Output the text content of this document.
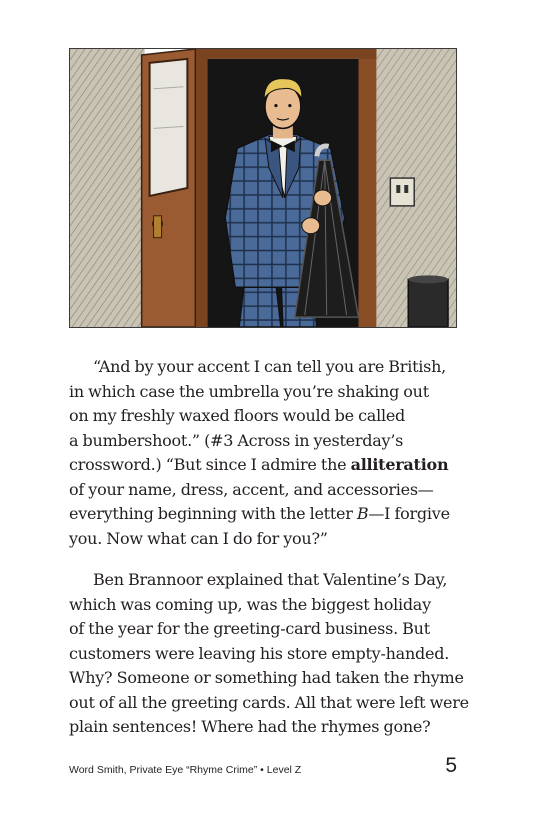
“And by your accent I can tell you are British,
in which case the umbrella you’re shaking out
on my freshly waxed floors would be called
a bumbershoot.” (#3 Across in yesterday’s
crossword.) “But since I admire the alliteration
of your name, dress, accent, and accessories—
everything beginning with the letter B—I forgive
you. Now what can I do for you?”

Ben Brannoor explained that Valentine’s Day,
which was coming up, was the biggest holiday
of the year for the greeting-card business. But
customers were leaving his store empty-handed.
Why? Someone or something had taken the rhyme
out of all the greeting cards. All that were left were
plain sentences! Where had the rhymes gone?

Word Smith, Private Eye “Rhyme Crime” • Level Z	5
